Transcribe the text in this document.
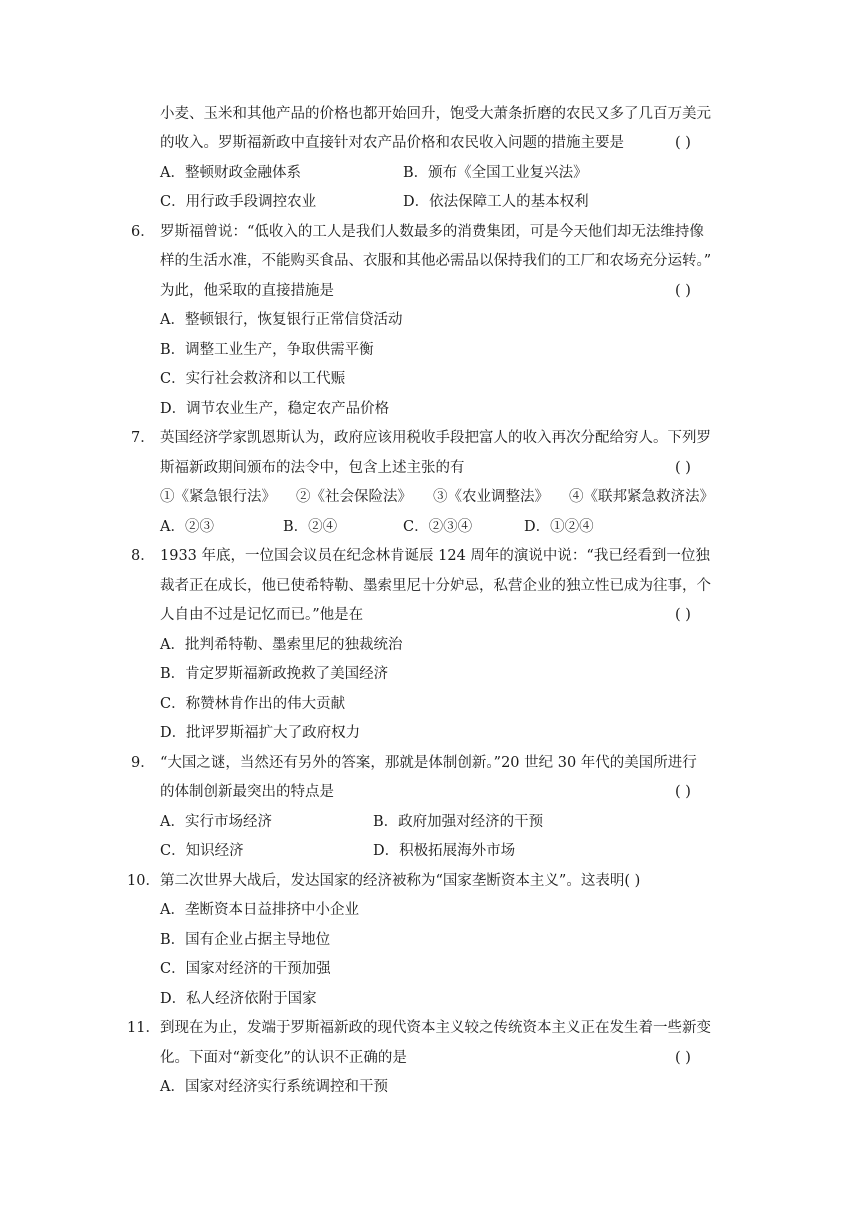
小麦、玉米和其他产品的价格也都开始回升，饱受大萧条折磨的农民又多了几百万美元
的收入。罗斯福新政中直接针对农产品价格和农民收入问题的措施主要是	( )
A．整顿财政金融体系	B．颁布《全国工业复兴法》
C．用行政手段调控农业	D．依法保障工人的基本权利
6． 罗斯福曾说：“低收入的工人是我们人数最多的消费集团，可是今天他们却无法维持像
样的生活水准，不能购买食品、衣服和其他必需品以保持我们的工厂和农场充分运转。”
为此，他采取的直接措施是	( )
A．整顿银行，恢复银行正常信贷活动
B．调整工业生产，争取供需平衡
C．实行社会救济和以工代赈
D．调节农业生产，稳定农产品价格
7． 英国经济学家凯恩斯认为，政府应该用税收手段把富人的收入再次分配给穷人。下列罗
斯福新政期间颁布的法令中，包含上述主张的有	( )
①《紧急银行法》 ②《社会保险法》 ③《农业调整法》 ④《联邦紧急救济法》
A．②③	B．②④	C．②③④	D．①②④
8． 1933 年底，一位国会议员在纪念林肯诞辰 124 周年的演说中说：“我已经看到一位独
裁者正在成长，他已使希特勒、墨索里尼十分妒忌，私营企业的独立性已成为往事，个
人自由不过是记忆而已。”他是在	( )
A．批判希特勒、墨索里尼的独裁统治
B．肯定罗斯福新政挽救了美国经济
C．称赞林肯作出的伟大贡献
D．批评罗斯福扩大了政府权力
9． “大国之谜，当然还有另外的答案，那就是体制创新。”20 世纪 30 年代的美国所进行
的体制创新最突出的特点是	( )
A．实行市场经济	B．政府加强对经济的干预
C．知识经济	D．积极拓展海外市场
10． 第二次世界大战后，发达国家的经济被称为“国家垄断资本主义”。这表明( )
A．垄断资本日益排挤中小企业
B．国有企业占据主导地位
C．国家对经济的干预加强
D．私人经济依附于国家
11． 到现在为止，发端于罗斯福新政的现代资本主义较之传统资本主义正在发生着一些新变
化。下面对“新变化”的认识不正确的是	( )
A．国家对经济实行系统调控和干预
